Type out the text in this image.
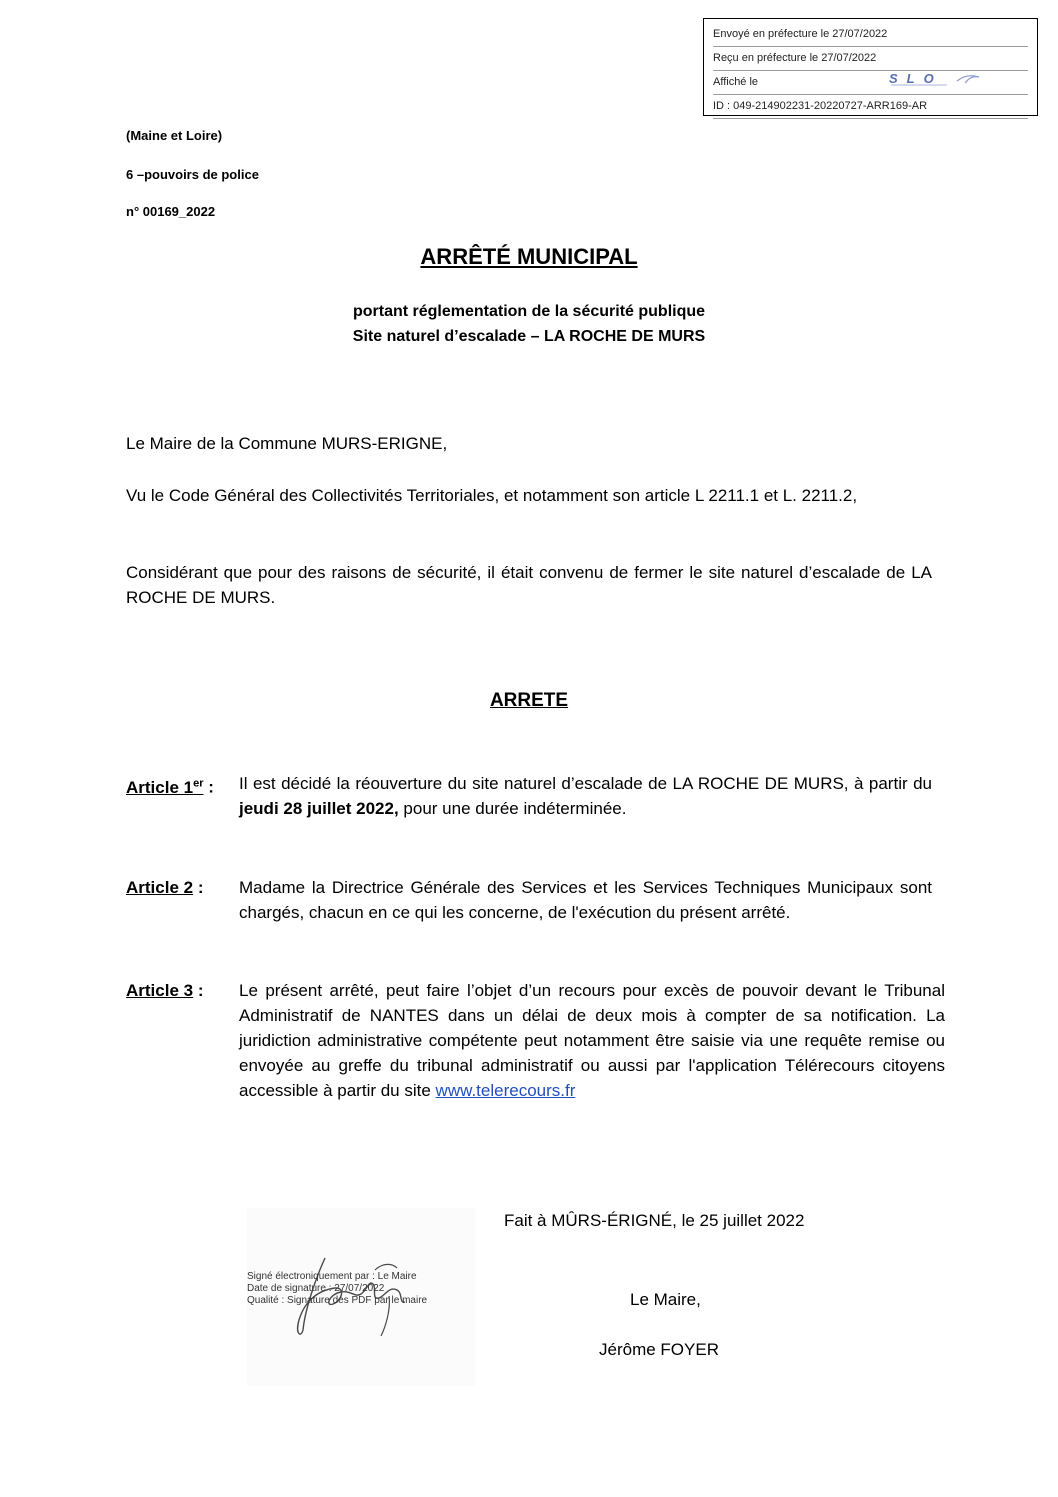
Envoyé en préfecture le 27/07/2022
Reçu en préfecture le 27/07/2022
Affiché le
ID : 049-214902231-20220727-ARR169-AR
SLO
(Maine et Loire)
6 –pouvoirs de police
n° 00169_2022
ARRÊTÉ MUNICIPAL
portant réglementation de la sécurité publique
Site naturel d’escalade – LA ROCHE DE MURS
Le Maire de la Commune MURS-ERIGNE,
Vu le Code Général des Collectivités Territoriales, et notamment son article L 2211.1 et L. 2211.2,
Considérant que pour des raisons de sécurité, il était convenu de fermer le site naturel d’escalade de LA ROCHE DE MURS.
ARRETE
Article 1er : Il est décidé la réouverture du site naturel d’escalade de LA ROCHE DE MURS, à partir du jeudi 28 juillet 2022, pour une durée indéterminée.
Article 2 : Madame la Directrice Générale des Services et les Services Techniques Municipaux sont chargés, chacun en ce qui les concerne, de l'exécution du présent arrêté.
Article 3 : Le présent arrêté, peut faire l’objet d’un recours pour excès de pouvoir devant le Tribunal Administratif de NANTES dans un délai de deux mois à compter de sa notification. La juridiction administrative compétente peut notamment être saisie via une requête remise ou envoyée au greffe du tribunal administratif ou aussi par l'application Télérecours citoyens accessible à partir du site www.telerecours.fr
Fait à MÛRS-ÉRIGNÉ, le 25 juillet 2022
Le Maire,
Jérôme FOYER
Signé électroniquement par : Le Maire
Date de signature : 27/07/2022
Qualité : Signature des PDF par le maire
